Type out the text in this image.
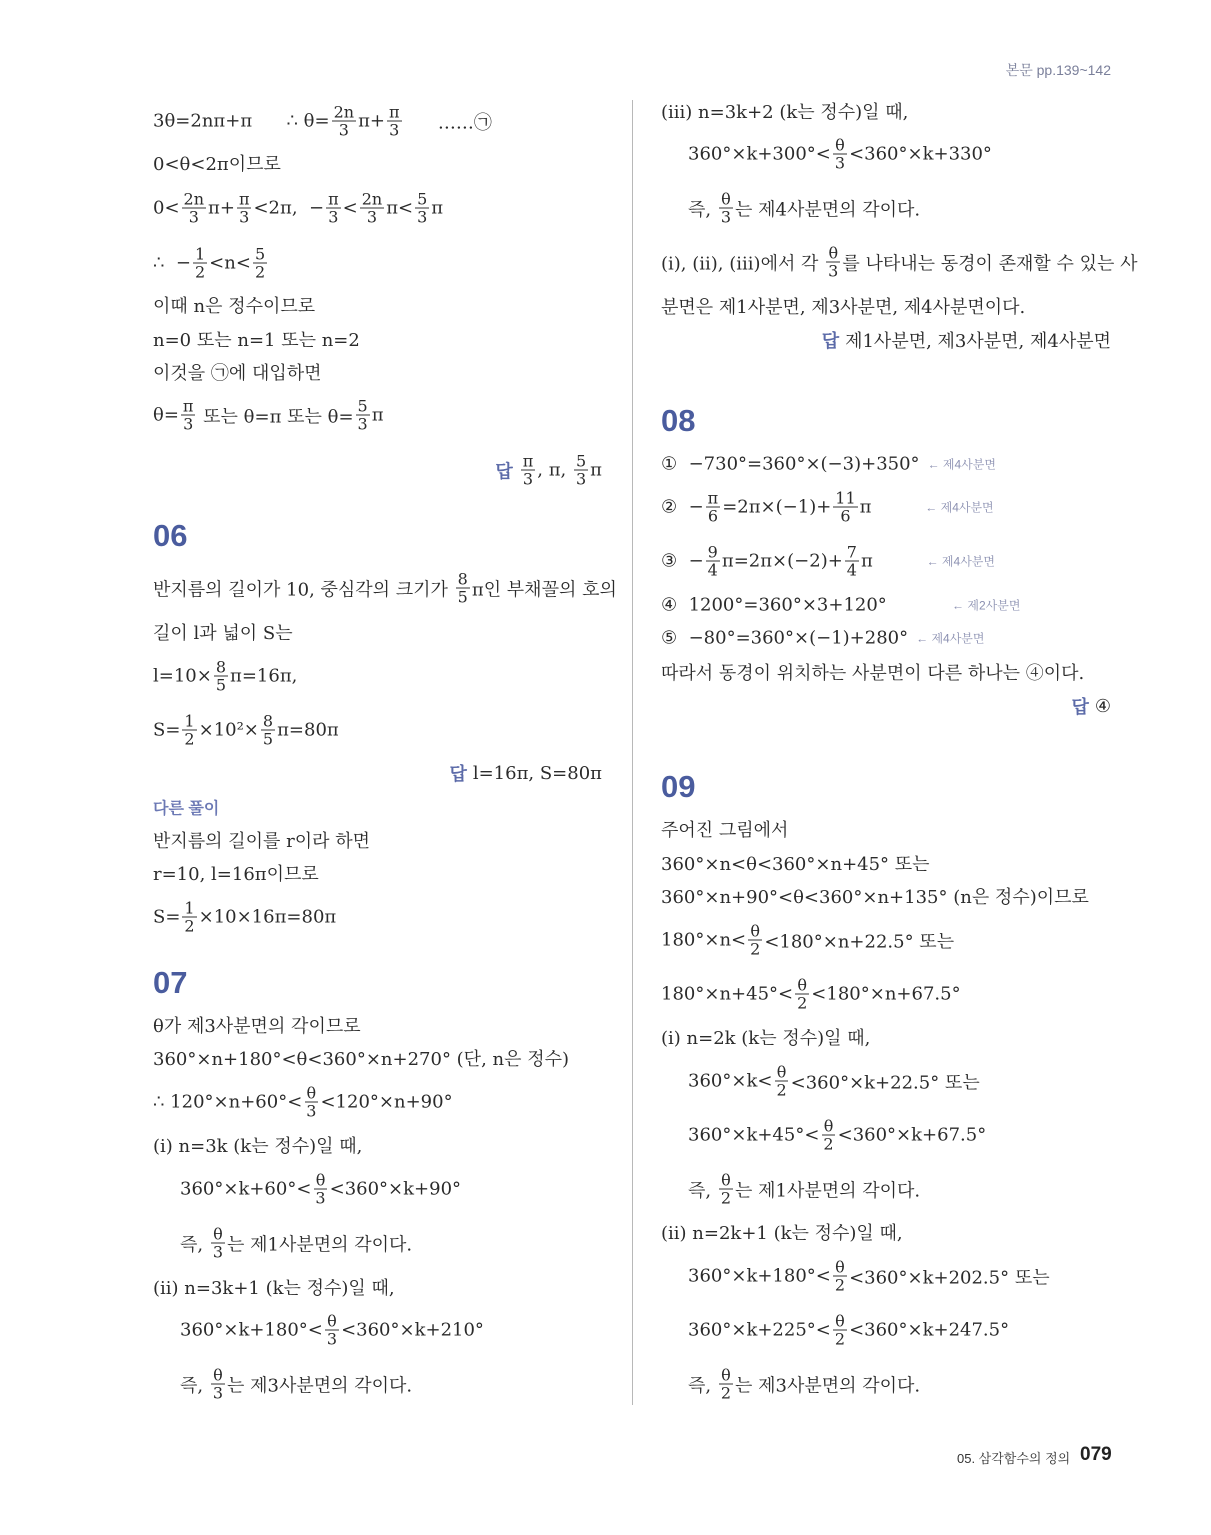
본문 pp.139~142
3θ=2nπ+π      ∴ $\theta= \frac{2n}{3} \pi+ \frac{\pi}{3}$ ……㉠
0<θ<2π이므로
$0< \frac{2n}{3} \pi+ \frac{\pi}{3} <2\pi$,  − $\frac{\pi}{3} < \frac{2n}{3} \pi< \frac{5}{3}$ π
∴  − $\frac{1}{2} <n< \frac{5}{2}$
이때 n은 정수이므로
n=0 또는 n=1 또는 n=2
이것을 ㉠에 대입하면
$\theta= \frac{\pi}{3}$ 또는 θ=π 또는 $\theta= \frac{5}{3}$ π
답 $\frac{\pi}{3}$ , π, $\frac{5}{3}$ π
06
반지름의 길이가 10, 중심각의 크기가 $\frac{8}{5}$ π인 부채꼴의 호의
길이 l과 넓이 S는
$l=10\times \frac{8}{5} \pi=16\pi$,
$S= \frac{1}{2} \times 10^2\times \frac{8}{5} \pi=80\pi$
답 l=16π, S=80π
다른 풀이
반지름의 길이를 r이라 하면
r=10, l=16π이므로
$S= \frac{1}{2} \times 10\times 16\pi=80\pi$
07
θ가 제3사분면의 각이므로
360°×n+180°<θ<360°×n+270° (단, n은 정수)
∴ $120^\circ\times n+60^\circ< \frac{\theta}{3} <120^\circ\times n+90^\circ$
(ⅰ) n=3k (k는 정수)일 때,
$360^\circ\times k+60^\circ< \frac{\theta}{3} <360^\circ\times k+90^\circ$
즉, $\frac{\theta}{3}$ 는 제1사분면의 각이다.
(ⅱ) n=3k+1 (k는 정수)일 때,
$360^\circ\times k+180^\circ< \frac{\theta}{3} <360^\circ\times k+210^\circ$
즉, $\frac{\theta}{3}$ 는 제3사분면의 각이다.
(ⅲ) n=3k+2 (k는 정수)일 때,
$360^\circ\times k+300^\circ< \frac{\theta}{3} <360^\circ\times k+330^\circ$
즉, $\frac{\theta}{3}$ 는 제4사분면의 각이다.
(ⅰ), (ⅱ), (ⅲ)에서 각 $\frac{\theta}{3}$ 를 나타내는 동경이 존재할 수 있는 사
분면은 제1사분면, 제3사분면, 제4사분면이다.
답 제1사분면, 제3사분면, 제4사분면
08
①  −730°=360°×(−3)+350° ← 제4사분면
②  − $\frac{\pi}{6} =2\pi\times(-1)+ \frac{11}{6}$ π ← 제4사분면
③  − $\frac{9}{4} \pi=2\pi\times(-2)+ \frac{7}{4}$ π ← 제4사분면
④  1200°=360°×3+120° ← 제2사분면
⑤  −80°=360°×(−1)+280° ← 제4사분면
따라서 동경이 위치하는 사분면이 다른 하나는 ④이다.
답 ④
09
주어진 그림에서
360°×n<θ<360°×n+45° 또는
360°×n+90°<θ<360°×n+135° (n은 정수)이므로
$180^\circ\times n< \frac{\theta}{2} <180^\circ\times n+22.5^\circ$ 또는
$180^\circ\times n+45^\circ< \frac{\theta}{2} <180^\circ\times n+67.5^\circ$
(ⅰ) n=2k (k는 정수)일 때,
$360^\circ\times k< \frac{\theta}{2} <360^\circ\times k+22.5^\circ$ 또는
$360^\circ\times k+45^\circ< \frac{\theta}{2} <360^\circ\times k+67.5^\circ$
즉, $\frac{\theta}{2}$ 는 제1사분면의 각이다.
(ⅱ) n=2k+1 (k는 정수)일 때,
$360^\circ\times k+180^\circ< \frac{\theta}{2} <360^\circ\times k+202.5^\circ$ 또는
$360^\circ\times k+225^\circ< \frac{\theta}{2} <360^\circ\times k+247.5^\circ$
즉, $\frac{\theta}{2}$ 는 제3사분면의 각이다.
05. 삼각함수의 정의 079
